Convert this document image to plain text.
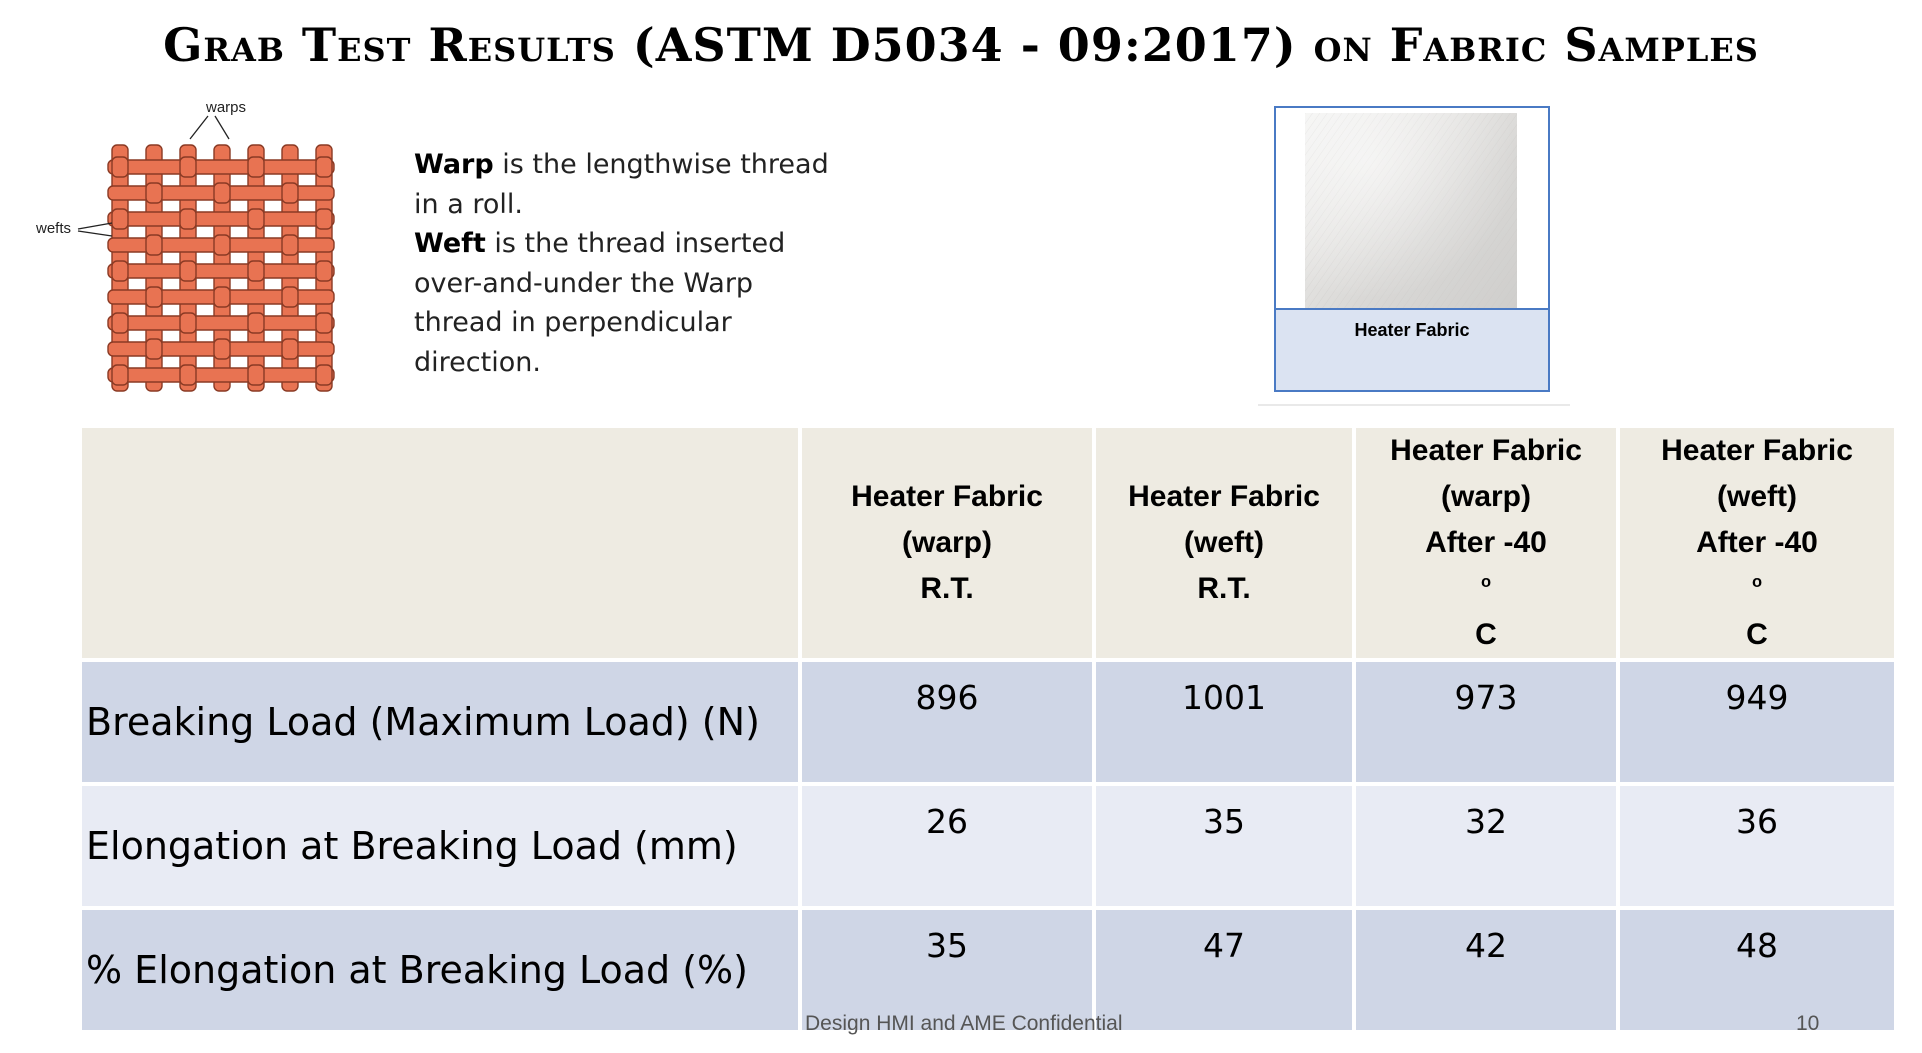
Grab Test Results (ASTM D5034 - 09:2017) on Fabric Samples
warps
wefts
Warp is the lengthwise thread in a roll.
Weft is the thread inserted over-and-under the Warp thread in perpendicular direction.
Heater Fabric

	Heater Fabric
(warp)
R.T.	Heater Fabric
(weft)
R.T.	Heater Fabric
(warp)
After -40
$^o$
C	Heater Fabric
(weft)
After -40
$^o$
C

Breaking Load (Maximum Load) (N)	896	1001	973	949
Elongation at Breaking Load (mm)	26	35	32	36
% Elongation at Breaking Load (%)	35	47	42	48
Design HMI and AME Confidential	10
